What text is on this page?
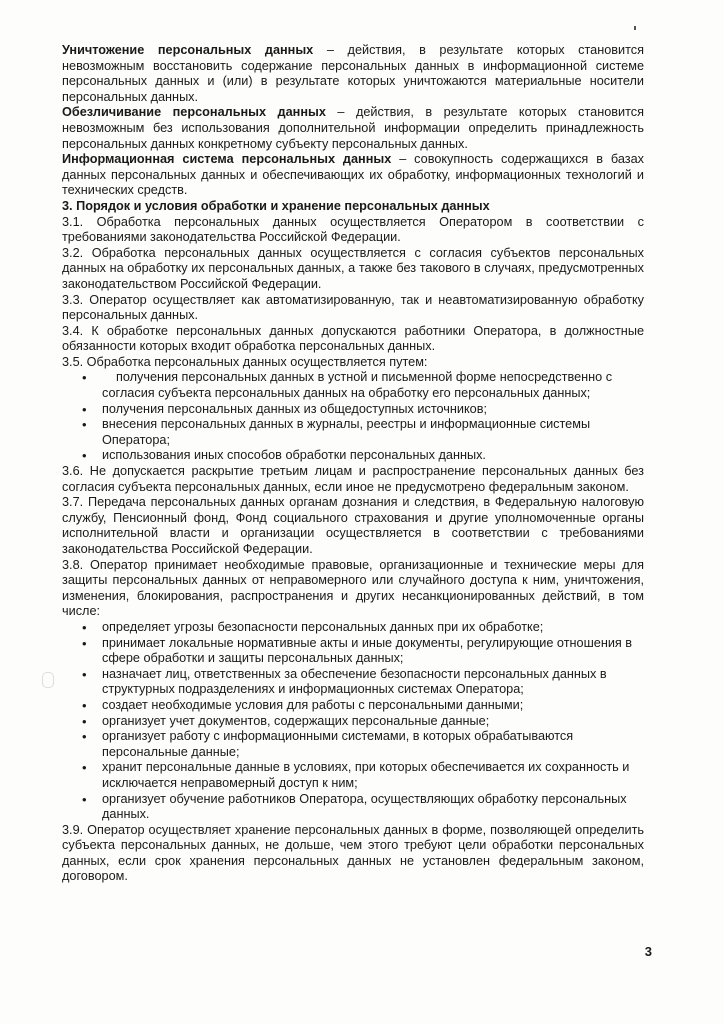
Уничтожение персональных данных – действия, в результате которых становится невозможным восстановить содержание персональных данных в информационной системе персональных данных и (или) в результате которых уничтожаются материальные носители персональных данных.

Обезличивание персональных данных – действия, в результате которых становится невозможным без использования дополнительной информации определить принадлежность персональных данных конкретному субъекту персональных данных.

Информационная система персональных данных – совокупность содержащихся в базах данных персональных данных и обеспечивающих их обработку, информационных технологий и технических средств.

3. Порядок и условия обработки и хранение персональных данных

3.1. Обработка персональных данных осуществляется Оператором в соответствии с требованиями законодательства Российской Федерации.

3.2. Обработка персональных данных осуществляется с согласия субъектов персональных данных на обработку их персональных данных, а также без такового в случаях, предусмотренных законодательством Российской Федерации.

3.3. Оператор осуществляет как автоматизированную, так и неавтоматизированную обработку персональных данных.

3.4. К обработке персональных данных допускаются работники Оператора, в должностные обязанности которых входит обработка персональных данных.

3.5. Обработка персональных данных осуществляется путем:

• получения персональных данных в устной и письменной форме непосредственно с согласия субъекта персональных данных на обработку его персональных данных;
• получения персональных данных из общедоступных источников;
• внесения персональных данных в журналы, реестры и информационные системы Оператора;
• использования иных способов обработки персональных данных.

3.6. Не допускается раскрытие третьим лицам и распространение персональных данных без согласия субъекта персональных данных, если иное не предусмотрено федеральным законом.

3.7. Передача персональных данных органам дознания и следствия, в Федеральную налоговую службу, Пенсионный фонд, Фонд социального страхования и другие уполномоченные органы исполнительной власти и организации осуществляется в соответствии с требованиями законодательства Российской Федерации.

3.8. Оператор принимает необходимые правовые, организационные и технические меры для защиты персональных данных от неправомерного или случайного доступа к ним, уничтожения, изменения, блокирования, распространения и других несанкционированных действий, в том числе:

• определяет угрозы безопасности персональных данных при их обработке;
• принимает локальные нормативные акты и иные документы, регулирующие отношения в сфере обработки и защиты персональных данных;
• назначает лиц, ответственных за обеспечение безопасности персональных данных в структурных подразделениях и информационных системах Оператора;
• создает необходимые условия для работы с персональными данными;
• организует учет документов, содержащих персональные данные;
• организует работу с информационными системами, в которых обрабатываются персональные данные;
• хранит персональные данные в условиях, при которых обеспечивается их сохранность и исключается неправомерный доступ к ним;
• организует обучение работников Оператора, осуществляющих обработку персональных данных.

3.9. Оператор осуществляет хранение персональных данных в форме, позволяющей определить субъекта персональных данных, не дольше, чем этого требуют цели обработки персональных данных, если срок хранения персональных данных не установлен федеральным законом, договором.

3
